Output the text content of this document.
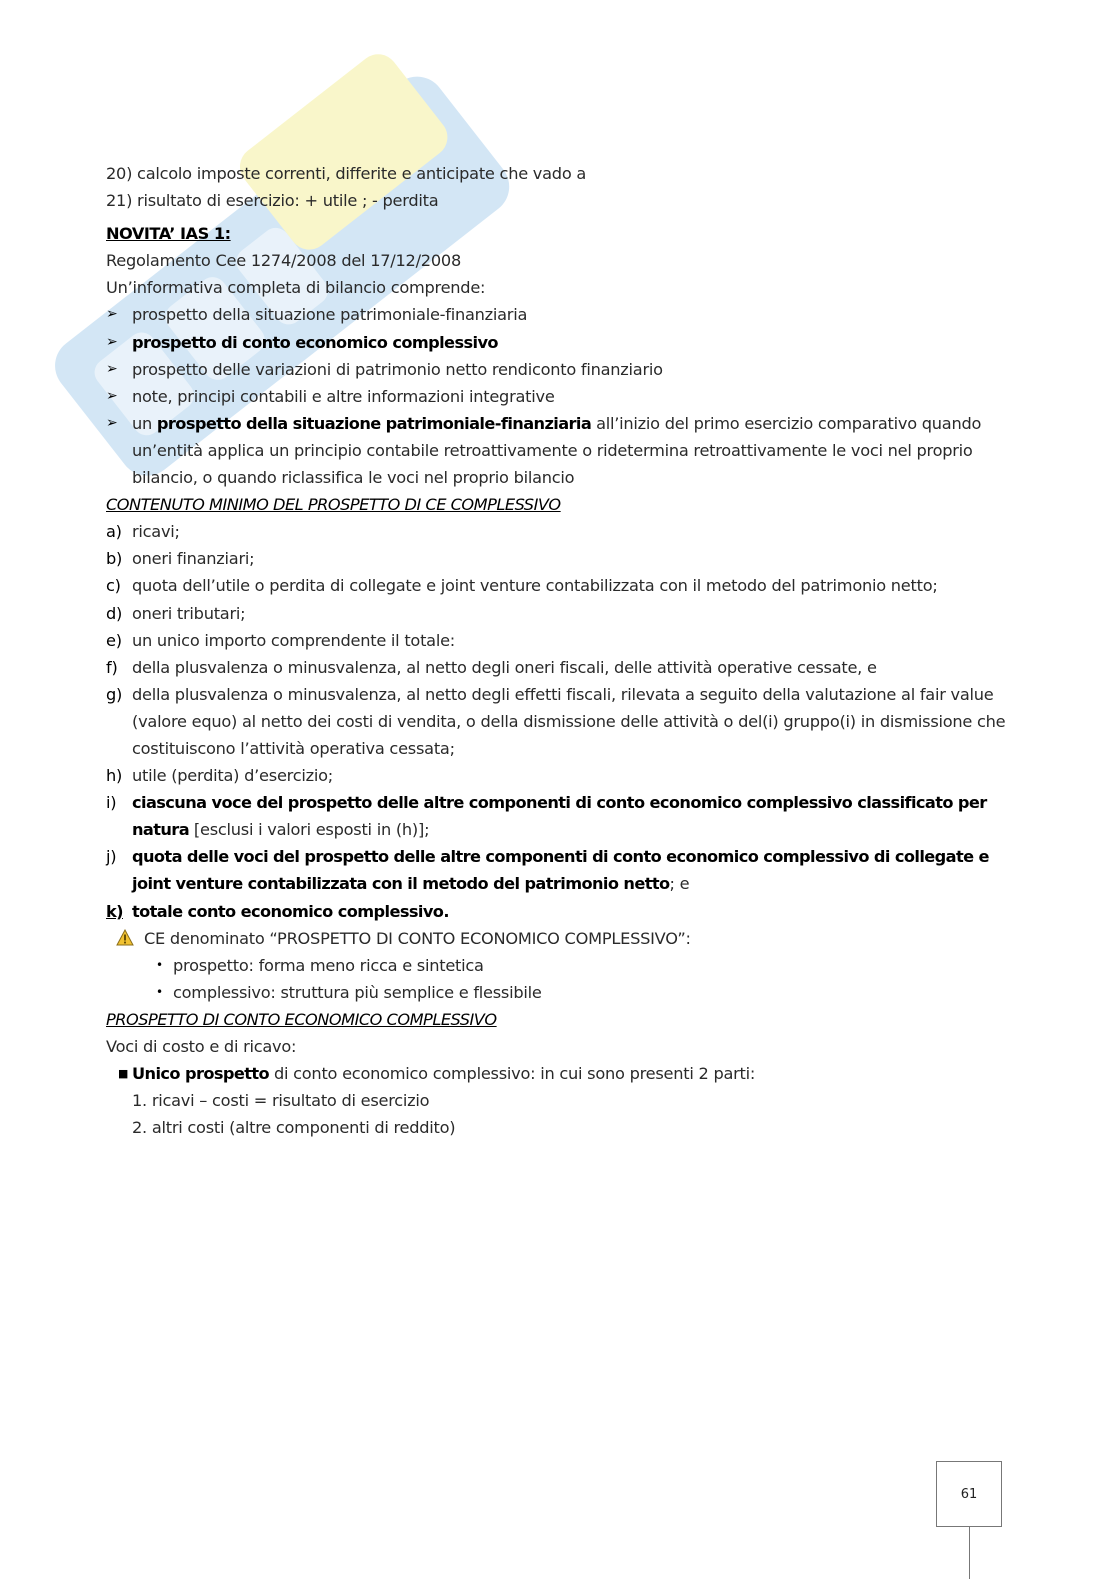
20) calcolo imposte correnti, differite e anticipate che vado a
21) risultato di esercizio: + utile ; - perdita
NOVITA’ IAS 1:
Regolamento Cee 1274/2008 del 17/12/2008
Un’informativa completa di bilancio comprende:
➢ prospetto della situazione patrimoniale-finanziaria
➢ prospetto di conto economico complessivo
➢ prospetto delle variazioni di patrimonio netto rendiconto finanziario
➢ note, principi contabili e altre informazioni integrative
➢ un prospetto della situazione patrimoniale-finanziaria all’inizio del primo esercizio comparativo quando un’entità applica un principio contabile retroattivamente o ridetermina retroattivamente le voci nel proprio bilancio, o quando riclassifica le voci nel proprio bilancio
CONTENUTO MINIMO DEL PROSPETTO DI CE COMPLESSIVO
a) ricavi;
b) oneri finanziari;
c) quota dell’utile o perdita di collegate e joint venture contabilizzata con il metodo del patrimonio netto;
d) oneri tributari;
e) un unico importo comprendente il totale:
f) della plusvalenza o minusvalenza, al netto degli oneri fiscali, delle attività operative cessate, e
g) della plusvalenza o minusvalenza, al netto degli effetti fiscali, rilevata a seguito della valutazione al fair value (valore equo) al netto dei costi di vendita, o della dismissione delle attività o del(i) gruppo(i) in dismissione che costituiscono l’attività operativa cessata;
h) utile (perdita) d’esercizio;
i) ciascuna voce del prospetto delle altre componenti di conto economico complessivo classificato per natura [esclusi i valori esposti in (h)];
j) quota delle voci del prospetto delle altre componenti di conto economico complessivo di collegate e joint venture contabilizzata con il metodo del patrimonio netto; e
k) totale conto economico complessivo.
CE denominato “PROSPETTO DI CONTO ECONOMICO COMPLESSIVO”:
• prospetto: forma meno ricca e sintetica
• complessivo: struttura più semplice e flessibile
PROSPETTO DI CONTO ECONOMICO COMPLESSIVO
Voci di costo e di ricavo:
■ Unico prospetto di conto economico complessivo: in cui sono presenti 2 parti:
1. ricavi – costi = risultato di esercizio
2. altri costi (altre componenti di reddito)
61
